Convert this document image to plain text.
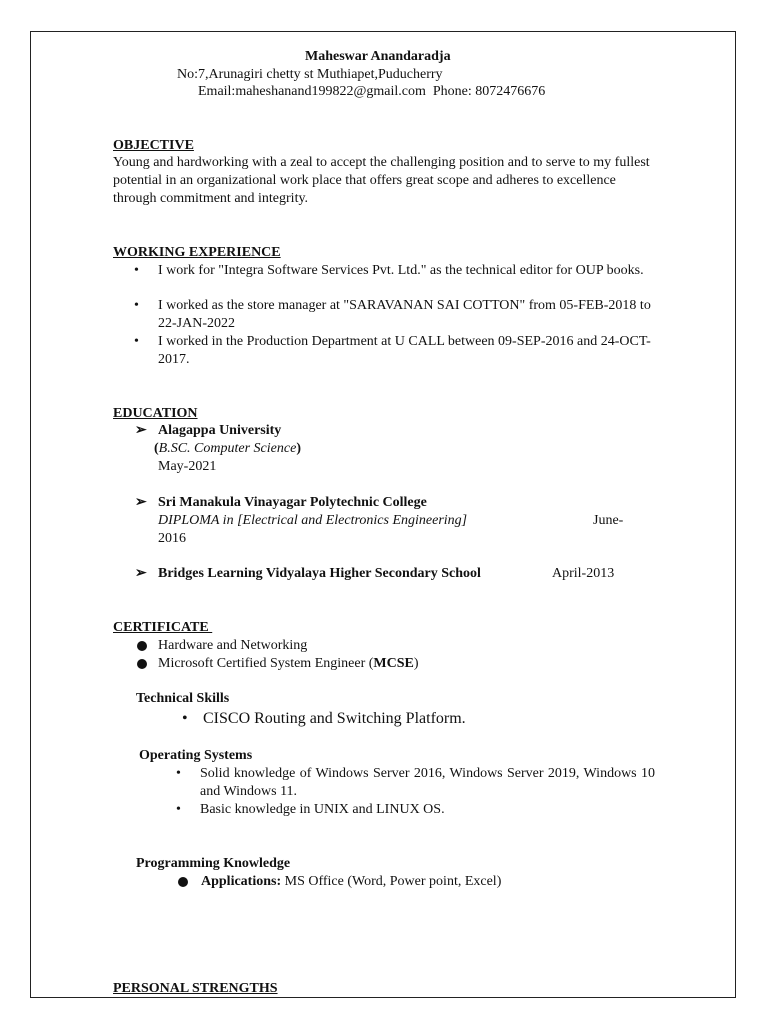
Maheswar Anandaradja
No:7,Arunagiri chetty st Muthiapet,Puducherry
Email:maheshanand199822@gmail.com  Phone: 8072476676
OBJECTIVE
Young and hardworking with a zeal to accept the challenging position and to serve to my fullest potential in an organizational work place that offers great scope and adheres to excellence through commitment and integrity.
WORKING EXPERIENCE
• I work for "Integra Software Services Pvt. Ltd." as the technical editor for OUP books.
• I worked as the store manager at "SARAVANAN SAI COTTON" from 05-FEB-2018 to 22-JAN-2022
• I worked in the Production Department at U CALL between 09-SEP-2016 and 24-OCT-2017.
EDUCATION
➢ Alagappa University
(B.SC. Computer Science)
May-2021
➢ Sri Manakula Vinayagar Polytechnic College
DIPLOMA in [Electrical and Electronics Engineering]	June-
2016
➢ Bridges Learning Vidyalaya Higher Secondary School	April-2013
CERTIFICATE
Hardware and Networking
Microsoft Certified System Engineer (MCSE)
Technical Skills
• CISCO Routing and Switching Platform.
Operating Systems
• Solid knowledge of Windows Server 2016, Windows Server 2019, Windows 10 and Windows 11.
• Basic knowledge in UNIX and LINUX OS.
Programming Knowledge
Applications: MS Office (Word, Power point, Excel)
PERSONAL STRENGTHS
